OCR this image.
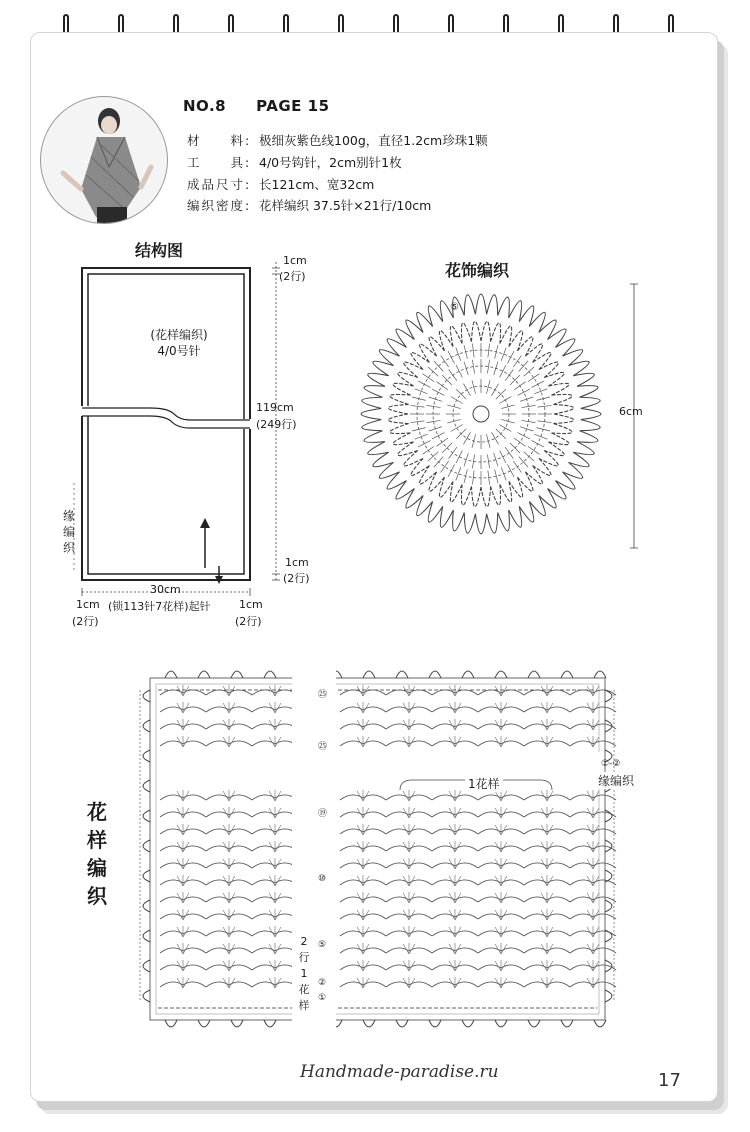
NO.8 PAGE 15
材　　料: 极细灰紫色线100g，直径1.2cm珍珠1颗
工　　具: 4/0号钩针，2cm别针1枚
成品尺寸: 长121cm、宽32cm
编织密度: 花样编织 37.5针×21行/10cm
结构图
(花样编织)
4/0号针
1cm
(2行)
119cm
(249行)
1cm
(2行)
30cm
1cm
(2行)
(锁113针7花样)起针	1cm
(2行)
缘编织
花饰编织
6cm
⑤
花样编织
1花样	缘编织
①-②
2行
1花样
㉕
㉕
⑲
⑩
⑤
②
①
Handmade-paradise.ru	17
